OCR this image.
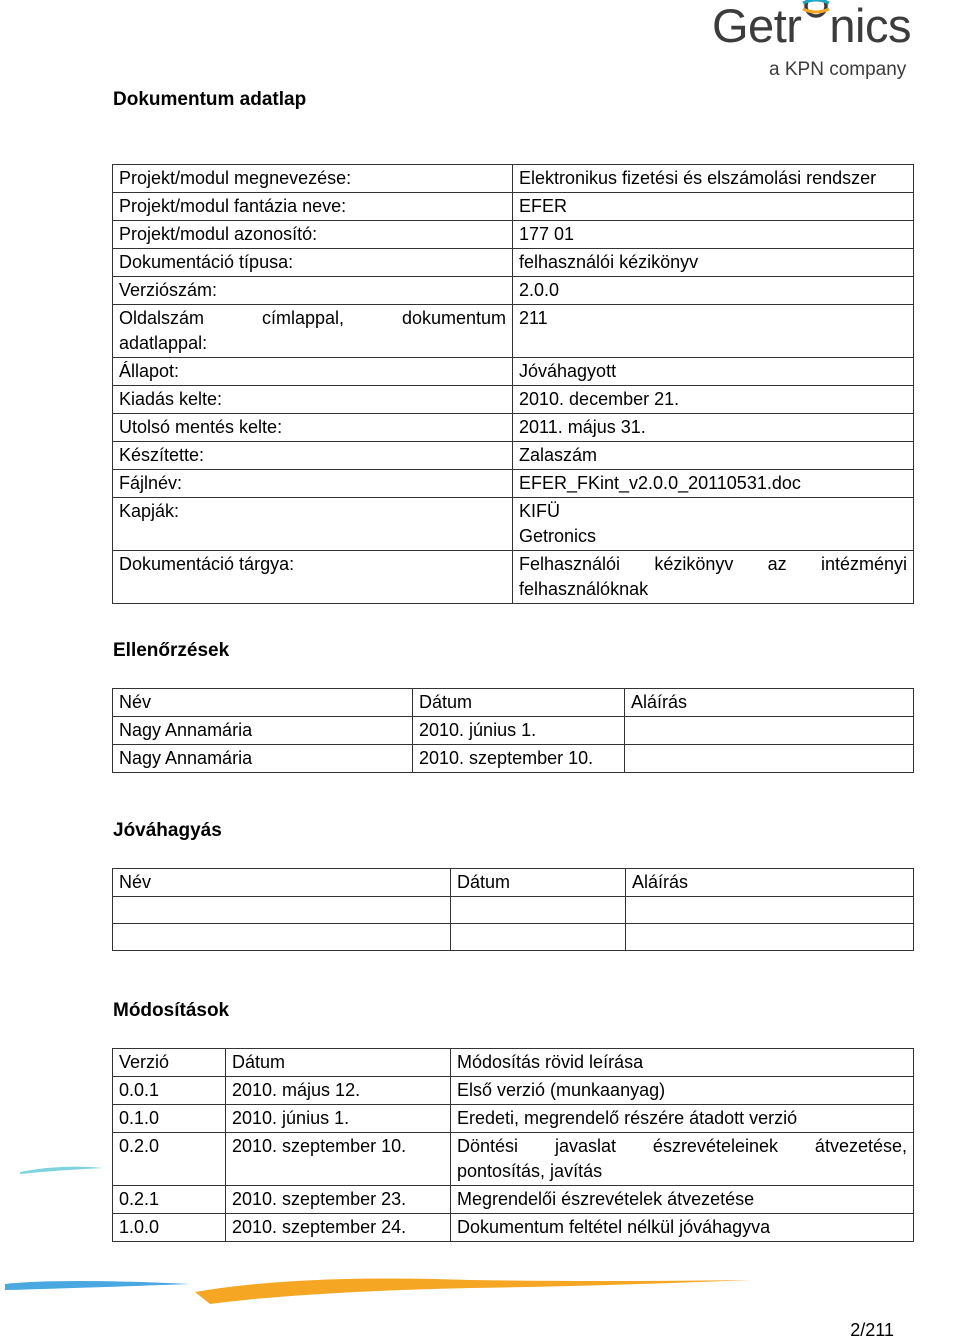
Getr nics
a KPN company
Dokumentum adatlap
Projekt/modul megnevezése:	Elektronikus fizetési és elszámolási rendszer
Projekt/modul fantázia neve:	EFER
Projekt/modul azonosító:	177 01
Dokumentáció típusa:	felhasználói kézikönyv
Verziószám:	2.0.0

Oldalszám címlappal, dokumentum
adatlappal:	211
Állapot:	Jóváhagyott
Kiadás kelte:	2010. december 21.
Utolsó mentés kelte:	2011. május 31.
Készítette:	Zalaszám
Fájlnév:	EFER_FKint_v2.0.0_20110531.doc
Kapják:	KIFÜ
Getronics

Dokumentáció tárgya:	Felhasználói kézikönyv az intézményi
felhasználóknak
Ellenőrzések
Név	Dátum	Aláírás
Nagy Annamária	2010. június 1.	
Nagy Annamária	2010. szeptember 10.	
Jóváhagyás
Név	Dátum	Aláírás

Módosítások
Verzió	Dátum	Módosítás rövid leírása
0.0.1	2010. május 12.	Első verzió (munkaanyag)
0.1.0	2010. június 1.	Eredeti, megrendelő részére átadott verzió
0.2.0	2010. szeptember 10.	Döntési javaslat észrevételeinek átvezetése,
pontosítás, javítás
0.2.1	2010. szeptember 23.	Megrendelői észrevételek átvezetése
1.0.0	2010. szeptember 24.	Dokumentum feltétel nélkül jóváhagyva
2/211
